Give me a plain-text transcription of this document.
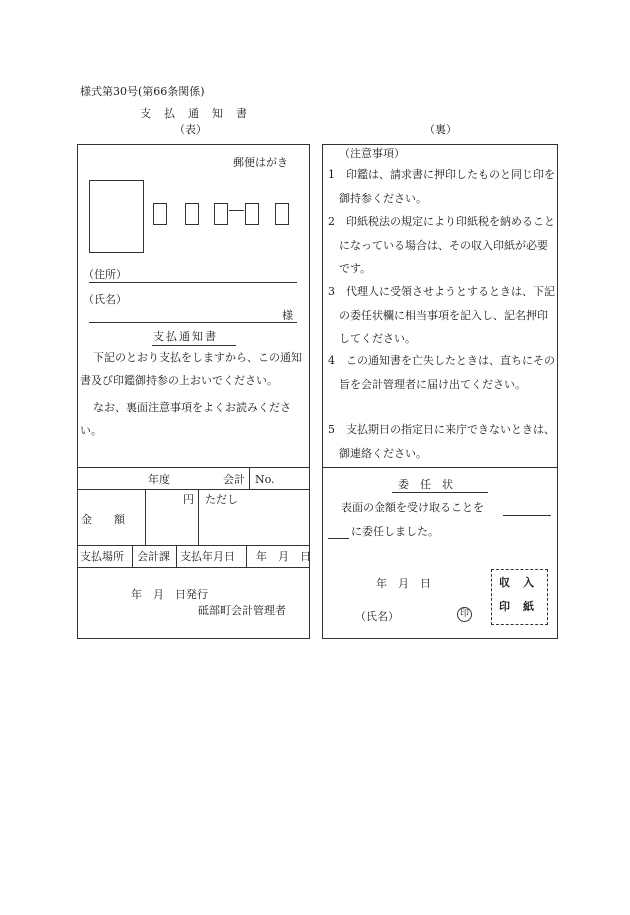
様式第30号(第66条関係)
支　払　通　知　書
（表）	（裏）
郵便はがき
（住所）
（氏名）
様
支払通知書
下記のとおり支払をしますから、この通知書及び印鑑御持参の上おいでください。
なお、裏面注意事項をよくお読みください。
年度	会計 No.
金　　額
円 ただし
支払場所 会計課 支払年月日 年　月　日
年　月　日発行
砥部町会計管理者
（注意事項）
1	印鑑は、請求書に押印したものと同じ印を御持参ください。
2	印紙税法の規定により印紙税を納めることになっている場合は、その収入印紙が必要です。
3	代理人に受領させようとするときは、下記の委任状欄に相当事項を記入し、記名押印してください。
4	この通知書を亡失したときは、直ちにその旨を会計管理者に届け出てください。
5	支払期日の指定日に来庁できないときは、御連絡ください。
委　任　状
表面の金額を受け取ることを
に委任しました。
年　月　日
（氏名）	印
収　入
印　紙
